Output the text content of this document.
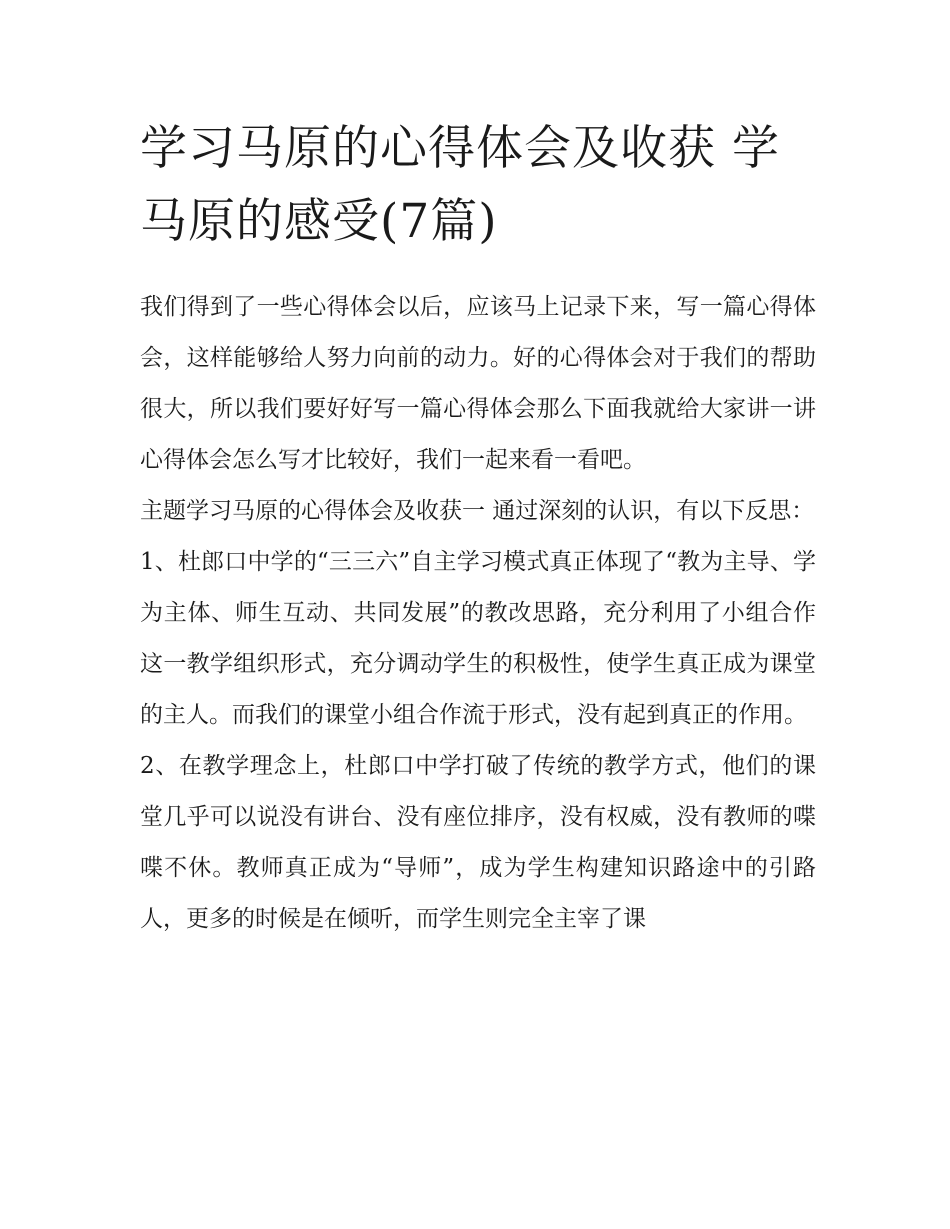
学习马原的心得体会及收获 学马原的感受(7篇)

我们得到了一些心得体会以后，应该马上记录下来，写一篇心得体会，这样能够给人努力向前的动力。好的心得体会对于我们的帮助很大，所以我们要好好写一篇心得体会那么下面我就给大家讲一讲心得体会怎么写才比较好，我们一起来看一看吧。

主题学习马原的心得体会及收获一 通过深刻的认识，有以下反思：

1、杜郎口中学的“三三六”自主学习模式真正体现了“教为主导、学为主体、师生互动、共同发展”的教改思路，充分利用了小组合作这一教学组织形式，充分调动学生的积极性，使学生真正成为课堂的主人。而我们的课堂小组合作流于形式，没有起到真正的作用。

2、在教学理念上，杜郎口中学打破了传统的教学方式，他们的课堂几乎可以说没有讲台、没有座位排序，没有权威，没有教师的喋喋不休。教师真正成为“导师”，成为学生构建知识路途中的引路人，更多的时候是在倾听，而学生则完全主宰了课
